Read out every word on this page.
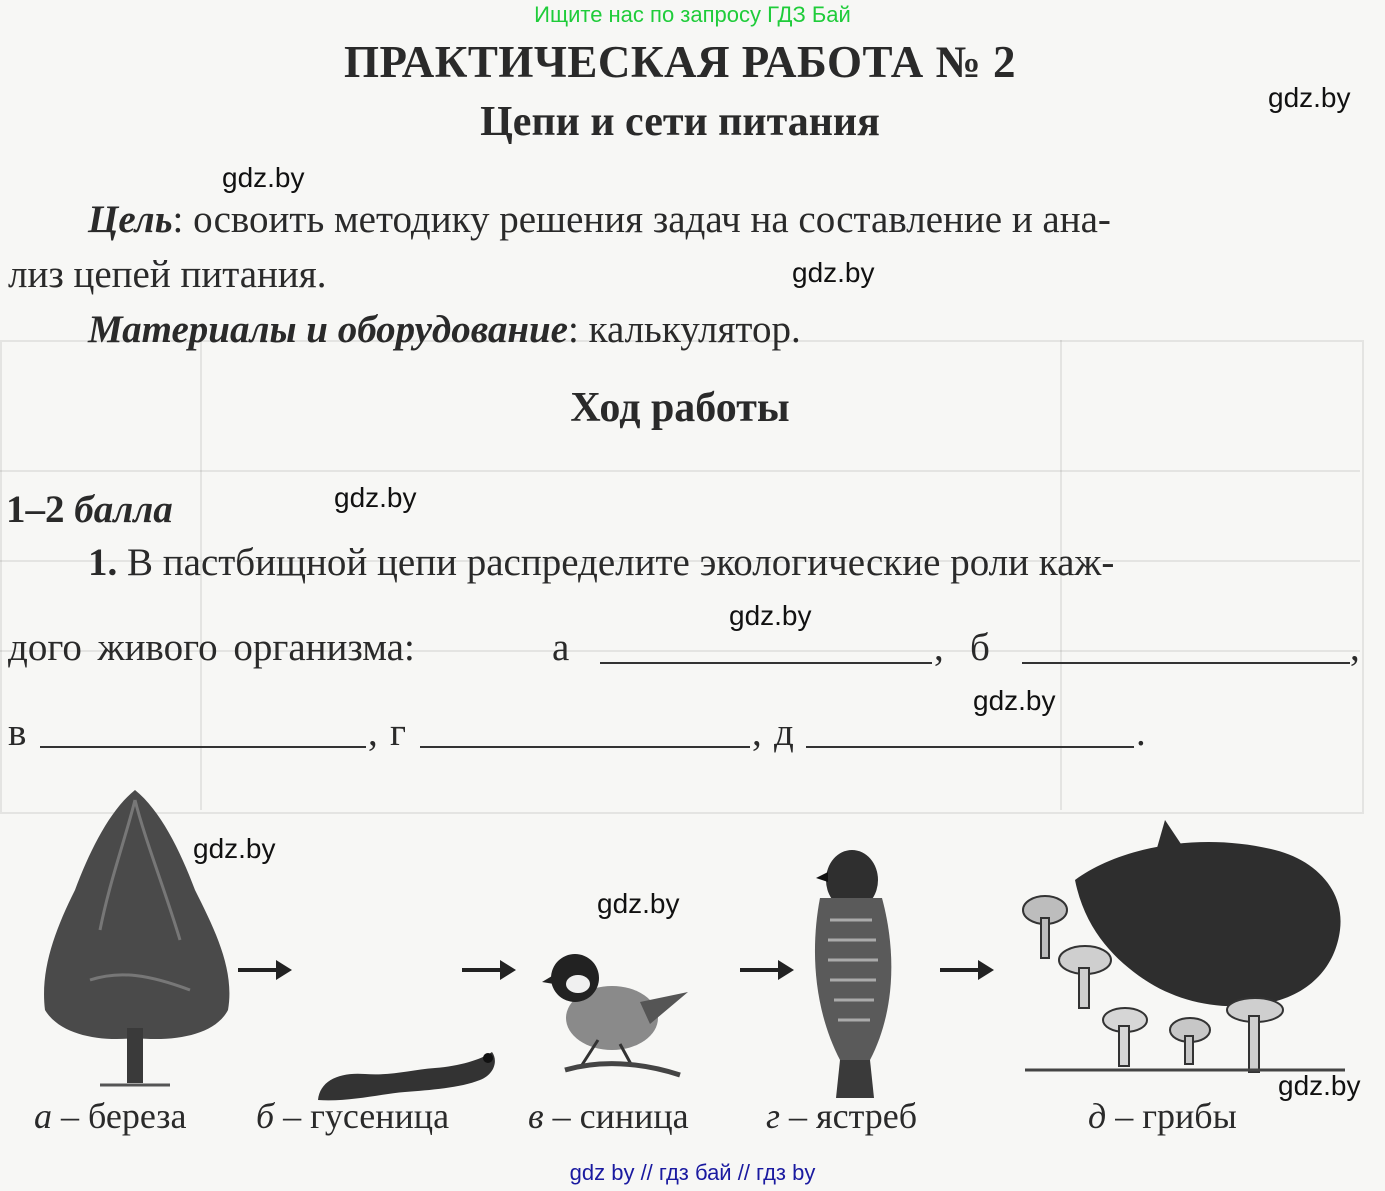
Ищите нас по запросу ГДЗ Бай
ПРАКТИЧЕСКАЯ РАБОТА № 2
Цепи и сети питания
gdz.by
gdz.by
gdz.by
gdz.by
gdz.by
gdz.by
gdz.by
gdz.by
gdz.by
Цель: освоить методику решения задач на составление и ана-
лиз цепей питания.
Материалы и оборудование: калькулятор.
Ход работы
1–2 балла
1. В пастбищной цепи распределите экологические роли каж-
дого живого организма:	а	, б	,
в	, г	, д	.
а – береза б – гусеница в – синица г – ястреб	д – грибы
gdz by // гдз бай // гдз by
